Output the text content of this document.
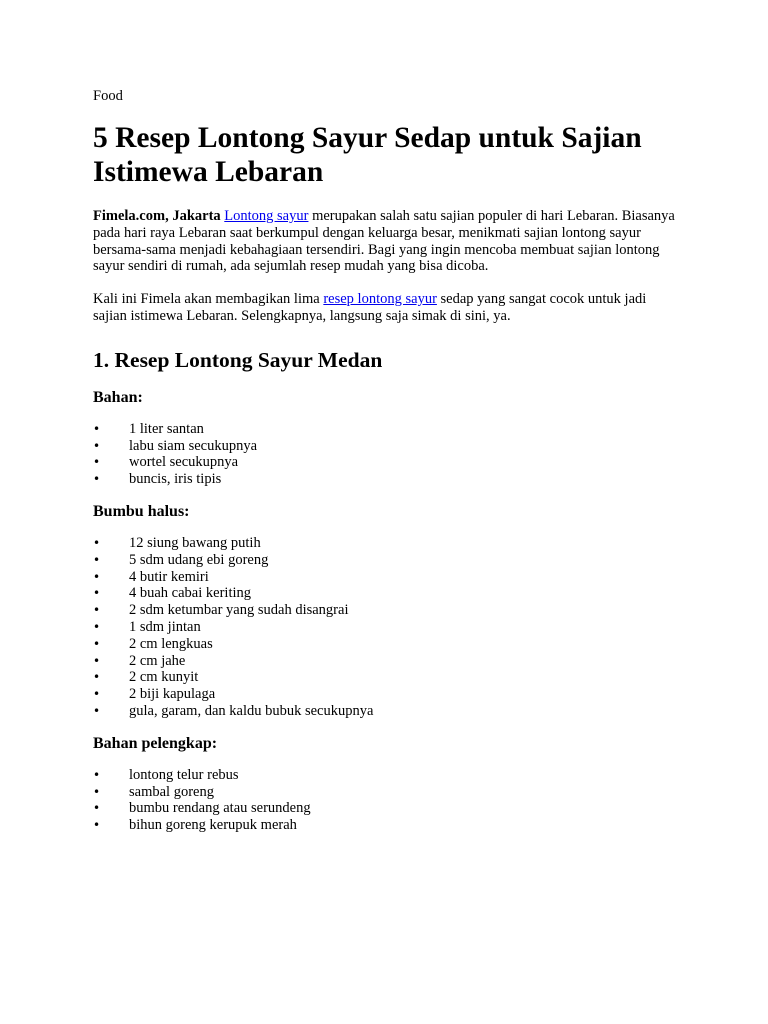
Food
5 Resep Lontong Sayur Sedap untuk Sajian Istimewa Lebaran

Fimela.com, Jakarta Lontong sayur merupakan salah satu sajian populer di hari Lebaran. Biasanya pada hari raya Lebaran saat berkumpul dengan keluarga besar, menikmati sajian lontong sayur bersama-sama menjadi kebahagiaan tersendiri. Bagi yang ingin mencoba membuat sajian lontong sayur sendiri di rumah, ada sejumlah resep mudah yang bisa dicoba.

Kali ini Fimela akan membagikan lima resep lontong sayur sedap yang sangat cocok untuk jadi sajian istimewa Lebaran. Selengkapnya, langsung saja simak di sini, ya.

1. Resep Lontong Sayur Medan
Bahan:
• 1 liter santan
• labu siam secukupnya
• wortel secukupnya
• buncis, iris tipis
Bumbu halus:
• 12 siung bawang putih
• 5 sdm udang ebi goreng
• 4 butir kemiri
• 4 buah cabai keriting
• 2 sdm ketumbar yang sudah disangrai
• 1 sdm jintan
• 2 cm lengkuas
• 2 cm jahe
• 2 cm kunyit
• 2 biji kapulaga
• gula, garam, dan kaldu bubuk secukupnya
Bahan pelengkap:
• lontong telur rebus
• sambal goreng
• bumbu rendang atau serundeng
• bihun goreng kerupuk merah
